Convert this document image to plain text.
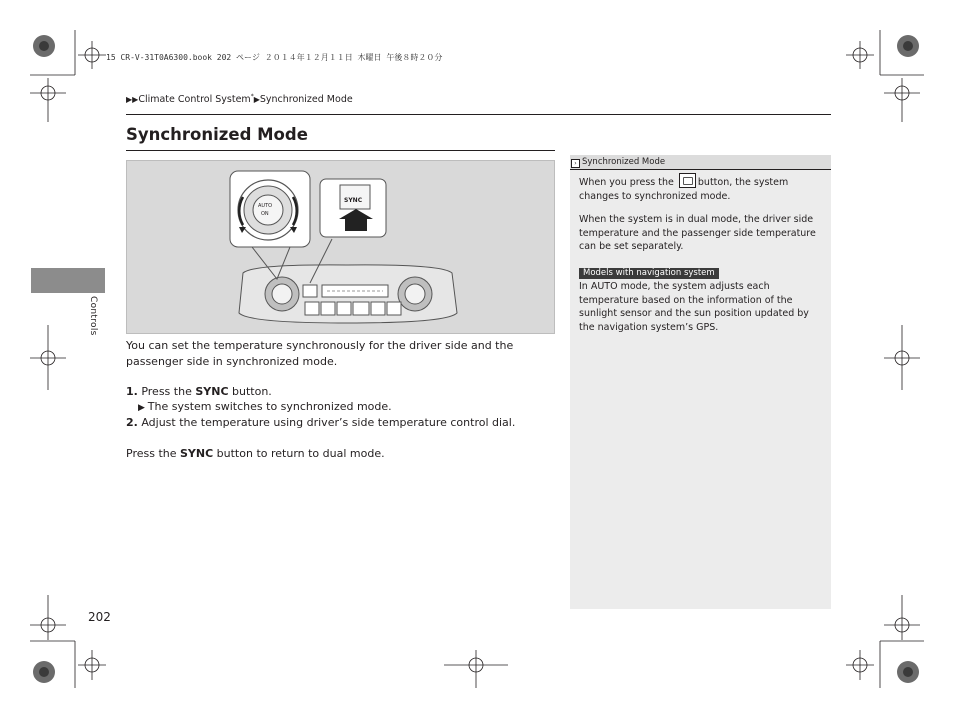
15 CR-V-31T0A6300.book 202 ページ ２０１４年１２月１１日 木曜日 午後８時２０分
▶▶Climate Control System*▶Synchronized Mode
Synchronized Mode
SYNC
AUTO
ON
You can set the temperature synchronously for the driver side and the passenger side in synchronized mode.
1. Press the SYNC button.
▶ The system switches to synchronized mode.
2. Adjust the temperature using driver’s side temperature control dial.
Press the SYNC button to return to dual mode.
Controls
202
› Synchronized Mode
When you press the	button, the system changes to synchronized mode.
When the system is in dual mode, the driver side temperature and the passenger side temperature can be set separately.
Models with navigation system
In AUTO mode, the system adjusts each temperature based on the information of the sunlight sensor and the sun position updated by the navigation system’s GPS.
